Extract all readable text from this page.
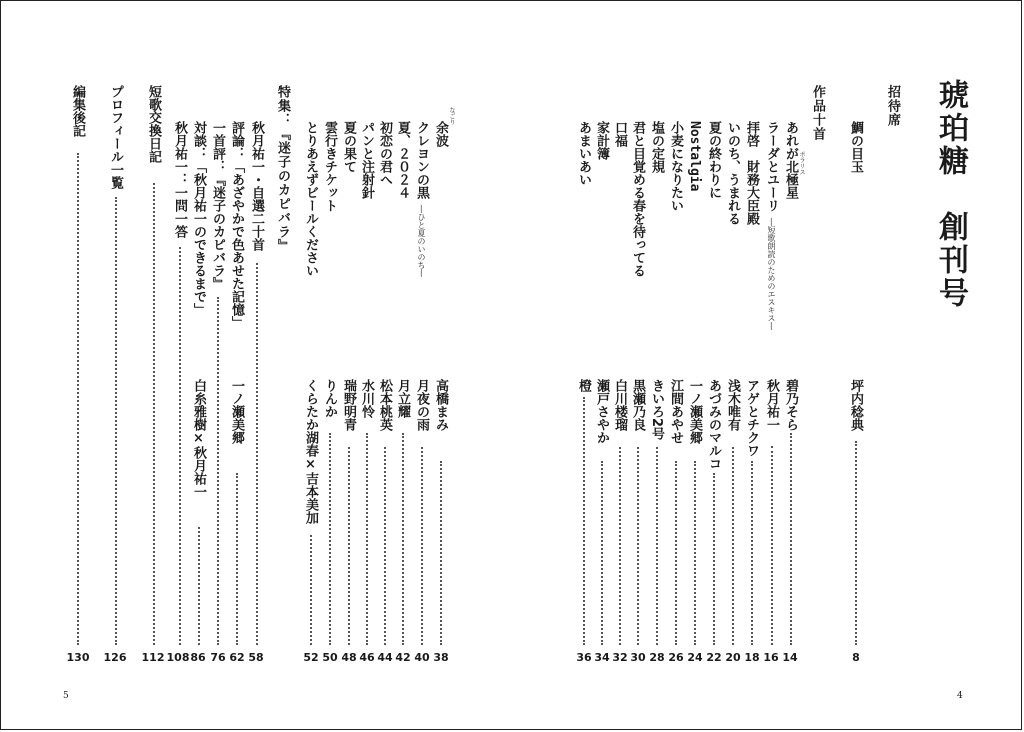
琥珀糖　創刊号
招待席
鯛の目玉
坪内稔典
8
作品十首
ポラリス
あれが北極星
碧乃そら
14
ラーダとユーリ―短歌朗読のためのエスキス―
秋月祐一
16
拝啓　財務大臣殿
アゲとチクワ
18
いのち、うまれる
浅木唯有
20
夏の終わりに
あづみのマルコ
22
Nostalgia
一ノ瀬美郷
24
小麦になりたい
江間あやせ
26
塩の定規
きいろ2号
28
君と目覚める春を待ってる
黒瀬乃良
30
口福
白川楼瑠
32
家計簿
瀬戸さやか
34
あまいあい
橙
36
4
なごり
余波
高橋まみ
38
クレヨンの黒―ひと夏のいのち―
月夜の雨
40
夏、２０２４
月立耀
42
初恋の君へ
松本桃英
44
パンと注射針
水川怜
46
夏の果て
瑞野明青
48
雲行きチケット
りんか
50
とりあえずビールください
くらたか湖春×吉本美加
52
特集：『迷子のカピバラ』
秋月祐一・自選二十首
58
評論：「あざやかで色あせた記憶」
一ノ瀬美郷
62
一首評：『迷子のカピバラ』
76
対談：「秋月祐一のできるまで」
白糸雅樹×秋月祐一
86
秋月祐一：一問一答
108
短歌交換日記
112
プロフィール一覧
126
編集後記
130
5
